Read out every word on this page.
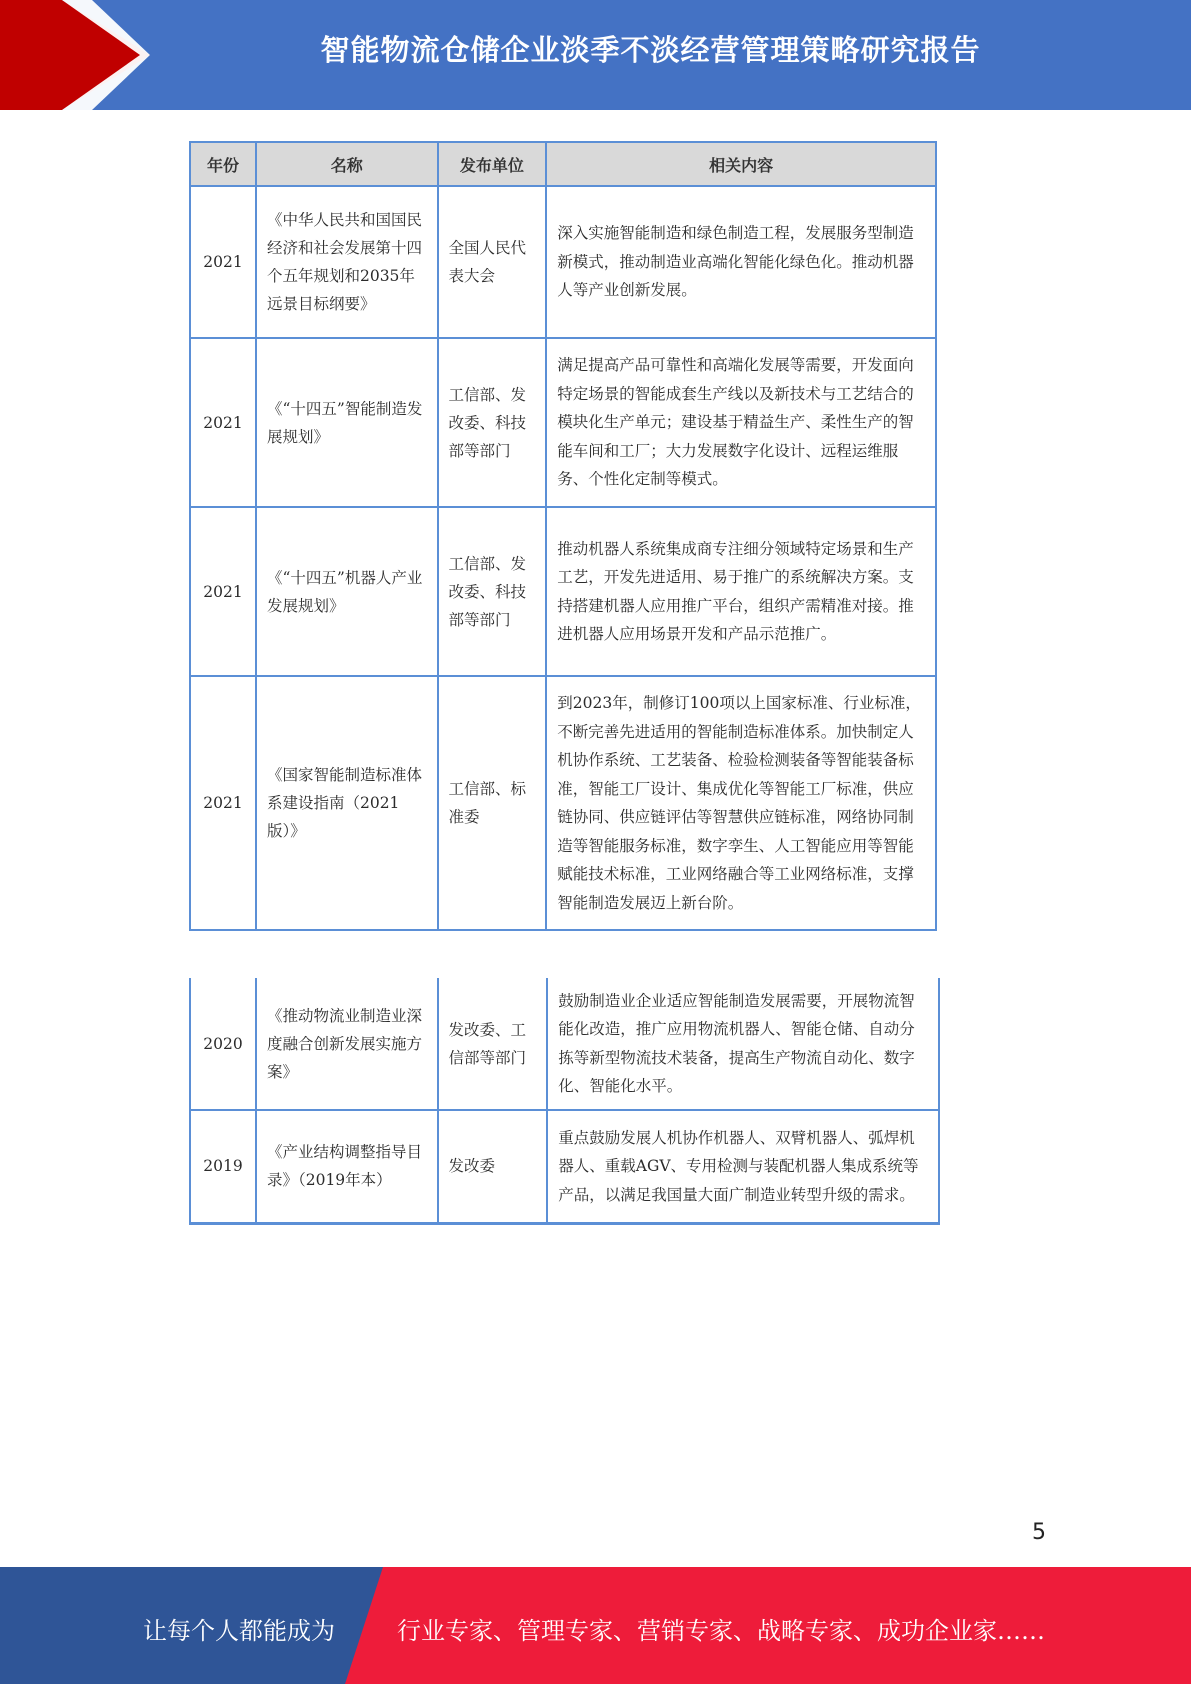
智能物流仓储企业淡季不淡经营管理策略研究报告
年份	名称	发布单位	相关内容
2021	《中华人民共和国国民经济和社会发展第十四个五年规划和2035年远景目标纲要》	全国人民代表大会	深入实施智能制造和绿色制造工程，发展服务型制造新模式，推动制造业高端化智能化绿色化。推动机器人等产业创新发展。
2021	《“十四五”智能制造发展规划》	工信部、发改委、科技部等部门	满足提高产品可靠性和高端化发展等需要，开发面向特定场景的智能成套生产线以及新技术与工艺结合的模块化生产单元；建设基于精益生产、柔性生产的智能车间和工厂；大力发展数字化设计、远程运维服务、个性化定制等模式。
2021	《“十四五”机器人产业发展规划》	工信部、发改委、科技部等部门	推动机器人系统集成商专注细分领域特定场景和生产工艺，开发先进适用、易于推广的系统解决方案。支持搭建机器人应用推广平台，组织产需精准对接。推进机器人应用场景开发和产品示范推广。
2021	《国家智能制造标准体系建设指南（2021版）》	工信部、标准委	到2023年，制修订100项以上国家标准、行业标准，不断完善先进适用的智能制造标准体系。加快制定人机协作系统、工艺装备、检验检测装备等智能装备标准，智能工厂设计、集成优化等智能工厂标准，供应链协同、供应链评估等智慧供应链标准，网络协同制造等智能服务标准，数字孪生、人工智能应用等智能赋能技术标准，工业网络融合等工业网络标准，支撑智能制造发展迈上新台阶。
2020	《推动物流业制造业深度融合创新发展实施方案》	发改委、工信部等部门	鼓励制造业企业适应智能制造发展需要，开展物流智能化改造，推广应用物流机器人、智能仓储、自动分拣等新型物流技术装备，提高生产物流自动化、数字化、智能化水平。
2019	《产业结构调整指导目录》（2019年本）	发改委	重点鼓励发展人机协作机器人、双臂机器人、弧焊机器人、重载AGV、专用检测与装配机器人集成系统等产品，以满足我国量大面广制造业转型升级的需求。
5
让每个人都能成为	行业专家、管理专家、营销专家、战略专家、成功企业家……
